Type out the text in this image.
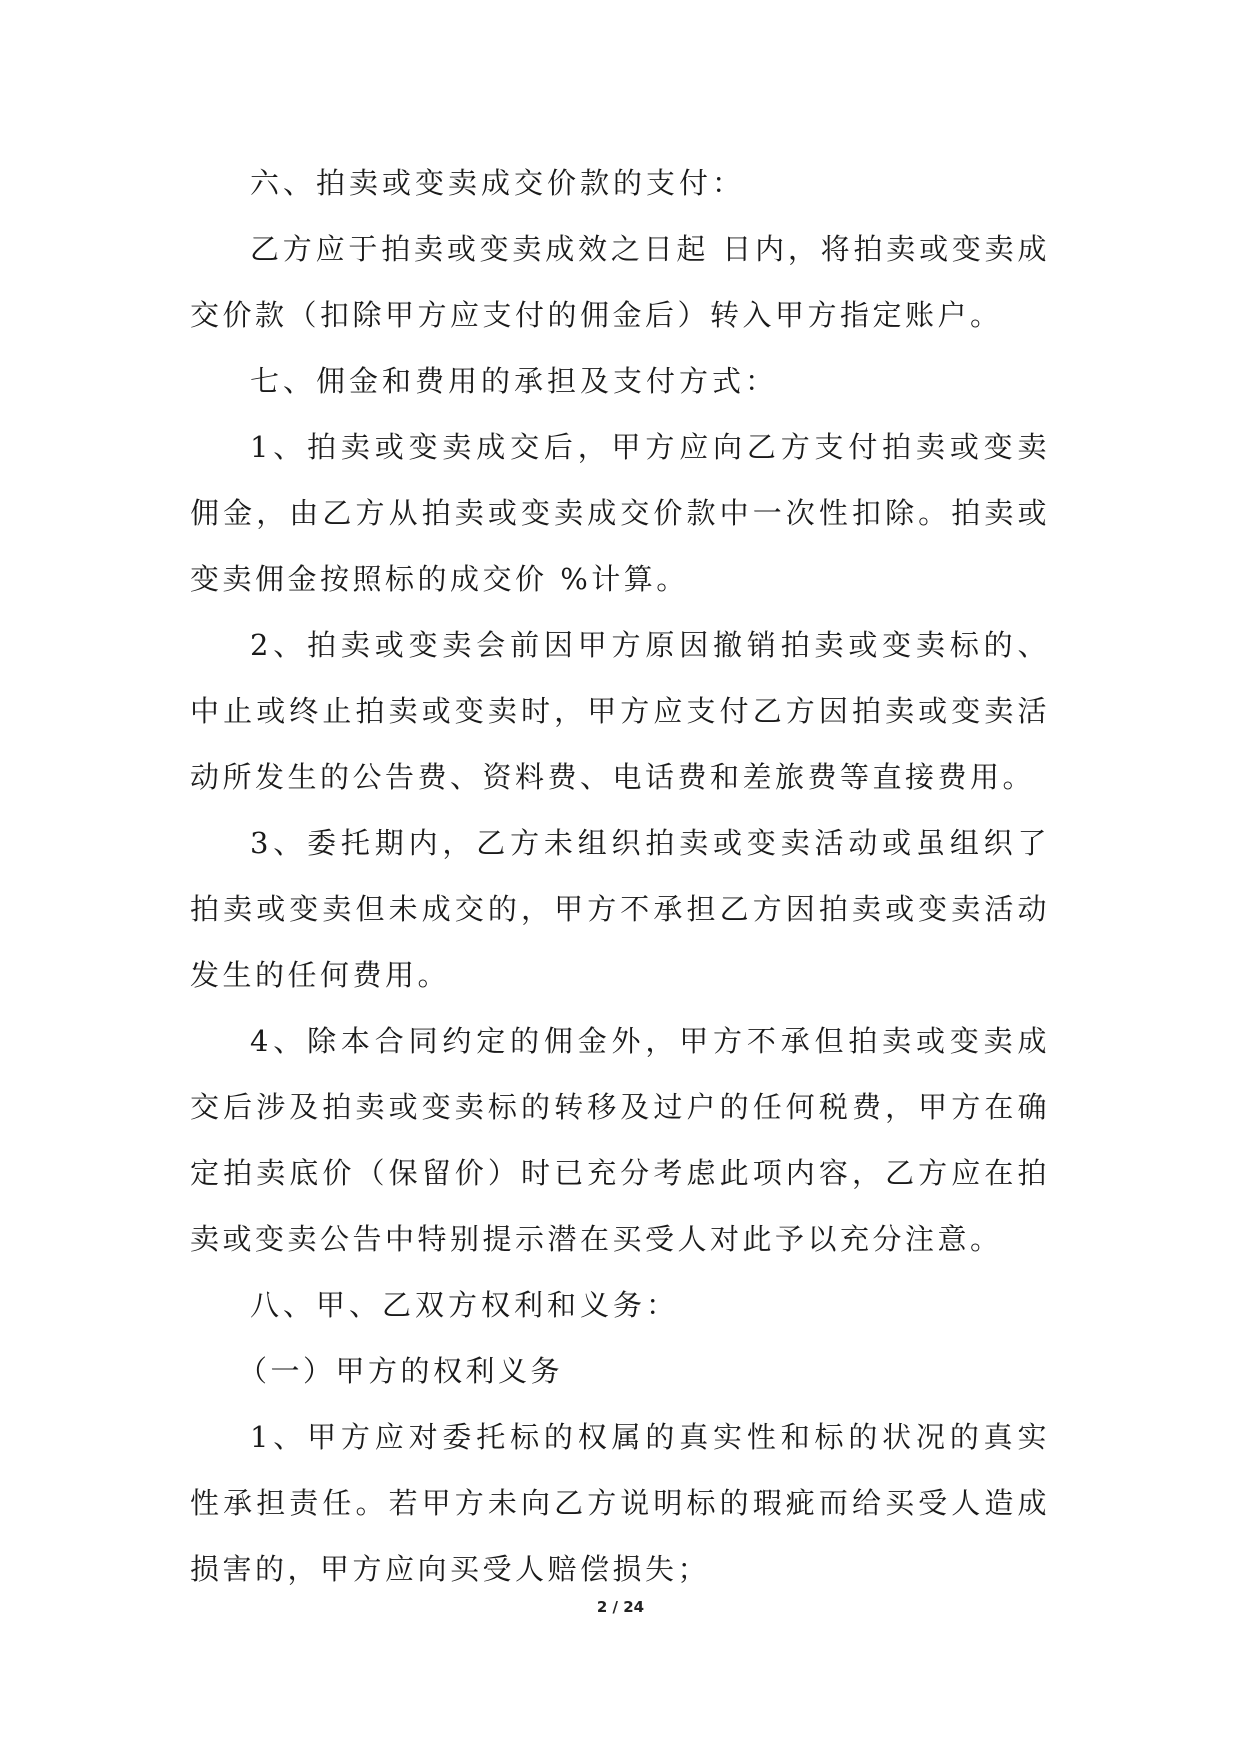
六、拍卖或变卖成交价款的支付：

乙方应于拍卖或变卖成效之日起 日内，将拍卖或变卖成交价款（扣除甲方应支付的佣金后）转入甲方指定账户。

七、佣金和费用的承担及支付方式：

1、拍卖或变卖成交后，甲方应向乙方支付拍卖或变卖佣金，由乙方从拍卖或变卖成交价款中一次性扣除。拍卖或变卖佣金按照标的成交价 %计算。

2、拍卖或变卖会前因甲方原因撤销拍卖或变卖标的、中止或终止拍卖或变卖时，甲方应支付乙方因拍卖或变卖活动所发生的公告费、资料费、电话费和差旅费等直接费用。

3、委托期内，乙方未组织拍卖或变卖活动或虽组织了拍卖或变卖但未成交的，甲方不承担乙方因拍卖或变卖活动发生的任何费用。

4、除本合同约定的佣金外，甲方不承但拍卖或变卖成交后涉及拍卖或变卖标的转移及过户的任何税费，甲方在确定拍卖底价（保留价）时已充分考虑此项内容，乙方应在拍卖或变卖公告中特别提示潜在买受人对此予以充分注意。

八、甲、乙双方权利和义务：

（一）甲方的权利义务

1、甲方应对委托标的权属的真实性和标的状况的真实性承担责任。若甲方未向乙方说明标的瑕疵而给买受人造成损害的，甲方应向买受人赔偿损失；

2 / 24
